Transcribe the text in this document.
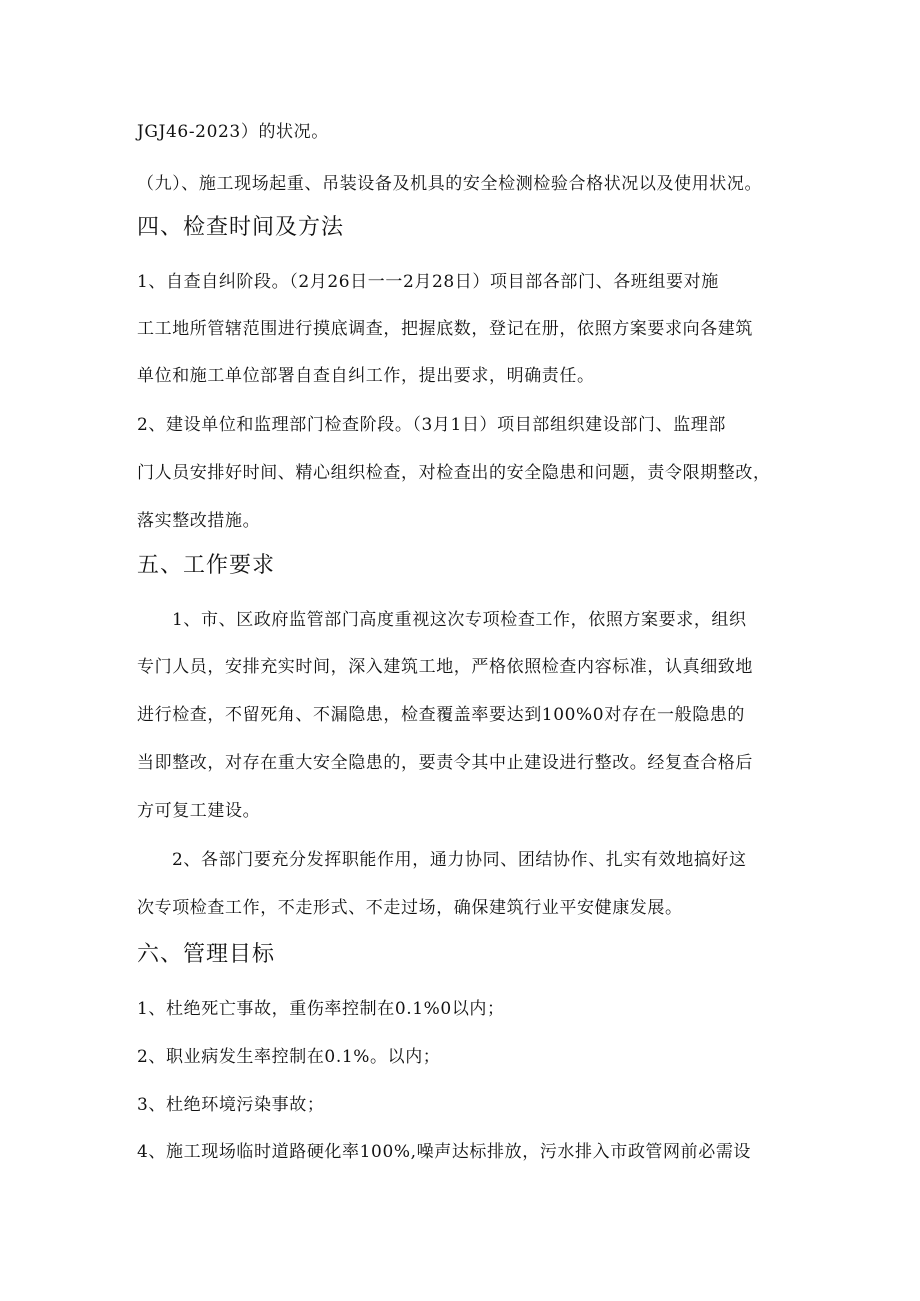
JGJ46-2023）的状况。
（九）、施工现场起重、吊装设备及机具的安全检测检验合格状况以及使用状况。
四、检查时间及方法
1、自查自纠阶段。（2月26日一一2月28日）项目部各部门、各班组要对施
工工地所管辖范围进行摸底调查，把握底数，登记在册，依照方案要求向各建筑
单位和施工单位部署自查自纠工作，提出要求，明确责任。
2、建设单位和监理部门检查阶段。（3月1日）项目部组织建设部门、监理部
门人员安排好时间、精心组织检查，对检查出的安全隐患和问题，责令限期整改，
落实整改措施。
五、工作要求
1、市、区政府监管部门高度重视这次专项检查工作，依照方案要求，组织
专门人员，安排充实时间，深入建筑工地，严格依照检查内容标准，认真细致地
进行检查，不留死角、不漏隐患，检查覆盖率要达到100%0对存在一般隐患的
当即整改，对存在重大安全隐患的，要责令其中止建设进行整改。经复查合格后
方可复工建设。
2、各部门要充分发挥职能作用，通力协同、团结协作、扎实有效地搞好这
次专项检查工作，不走形式、不走过场，确保建筑行业平安健康发展。
六、管理目标
1、杜绝死亡事故，重伤率控制在0.1%0以内；
2、职业病发生率控制在0.1%。以内；
3、杜绝环境污染事故；
4、施工现场临时道路硬化率100%,噪声达标排放，污水排入市政管网前必需设
